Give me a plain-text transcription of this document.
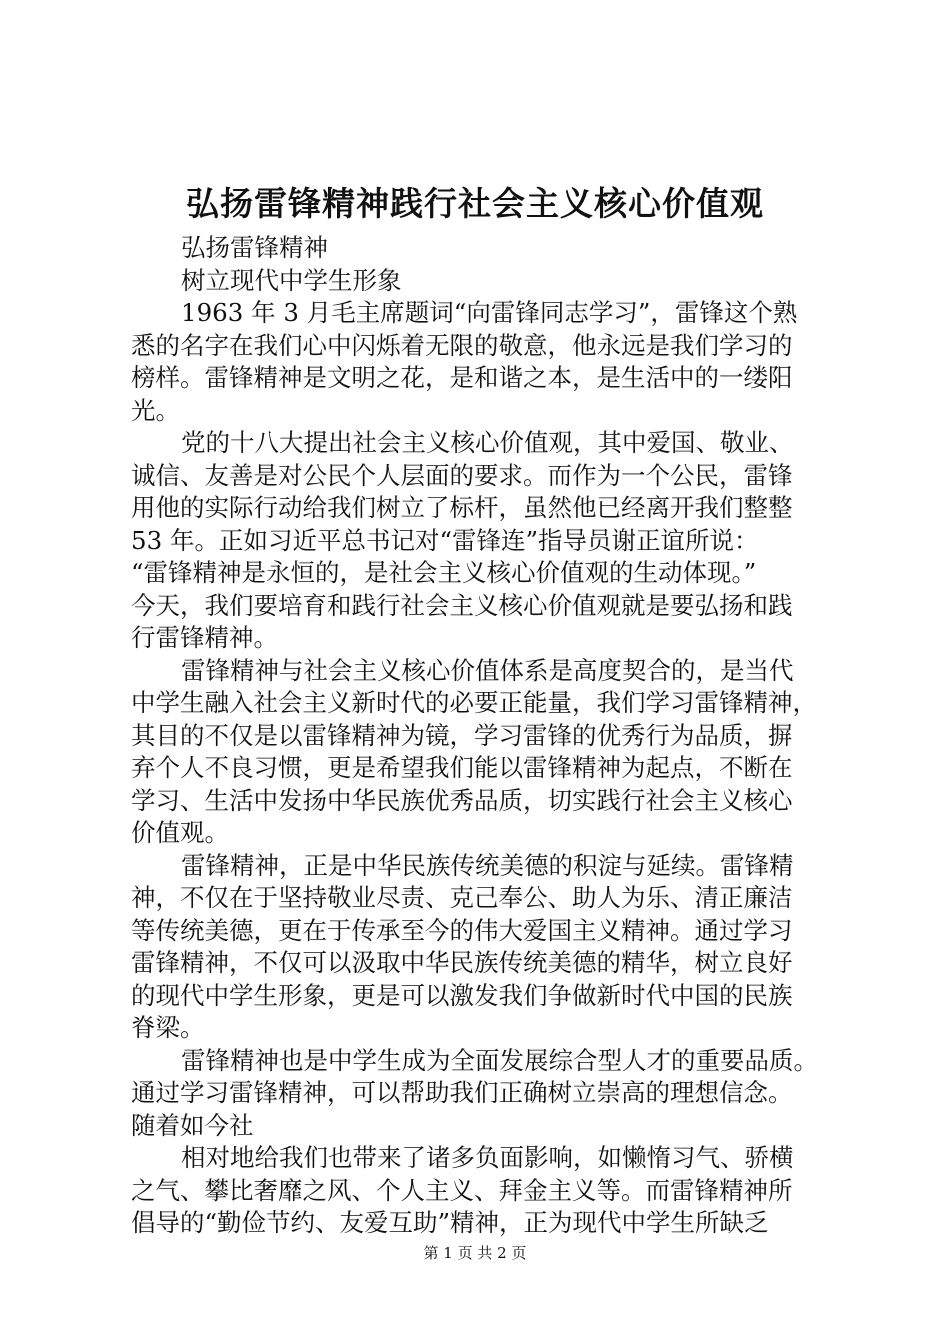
弘扬雷锋精神践行社会主义核心价值观
弘扬雷锋精神
树立现代中学生形象
1963 年 3 月毛主席题词“向雷锋同志学习”，雷锋这个熟
悉的名字在我们心中闪烁着无限的敬意，他永远是我们学习的
榜样。雷锋精神是文明之花，是和谐之本，是生活中的一缕阳
光。
党的十八大提出社会主义核心价值观，其中爱国、敬业、
诚信、友善是对公民个人层面的要求。而作为一个公民，雷锋
用他的实际行动给我们树立了标杆，虽然他已经离开我们整整
53 年。正如习近平总书记对“雷锋连”指导员谢正谊所说：
“雷锋精神是永恒的，是社会主义核心价值观的生动体现。”
今天，我们要培育和践行社会主义核心价值观就是要弘扬和践
行雷锋精神。
雷锋精神与社会主义核心价值体系是高度契合的，是当代
中学生融入社会主义新时代的必要正能量，我们学习雷锋精神，
其目的不仅是以雷锋精神为镜，学习雷锋的优秀行为品质，摒
弃个人不良习惯，更是希望我们能以雷锋精神为起点，不断在
学习、生活中发扬中华民族优秀品质，切实践行社会主义核心
价值观。
雷锋精神，正是中华民族传统美德的积淀与延续。雷锋精
神，不仅在于坚持敬业尽责、克己奉公、助人为乐、清正廉洁
等传统美德，更在于传承至今的伟大爱国主义精神。通过学习
雷锋精神，不仅可以汲取中华民族传统美德的精华，树立良好
的现代中学生形象，更是可以激发我们争做新时代中国的民族
脊梁。
雷锋精神也是中学生成为全面发展综合型人才的重要品质。
通过学习雷锋精神，可以帮助我们正确树立崇高的理想信念。
随着如今社
相对地给我们也带来了诸多负面影响，如懒惰习气、骄横
之气、攀比奢靡之风、个人主义、拜金主义等。而雷锋精神所
倡导的“勤俭节约、友爱互助”精神，正为现代中学生所缺乏
第 1 页 共 2 页
